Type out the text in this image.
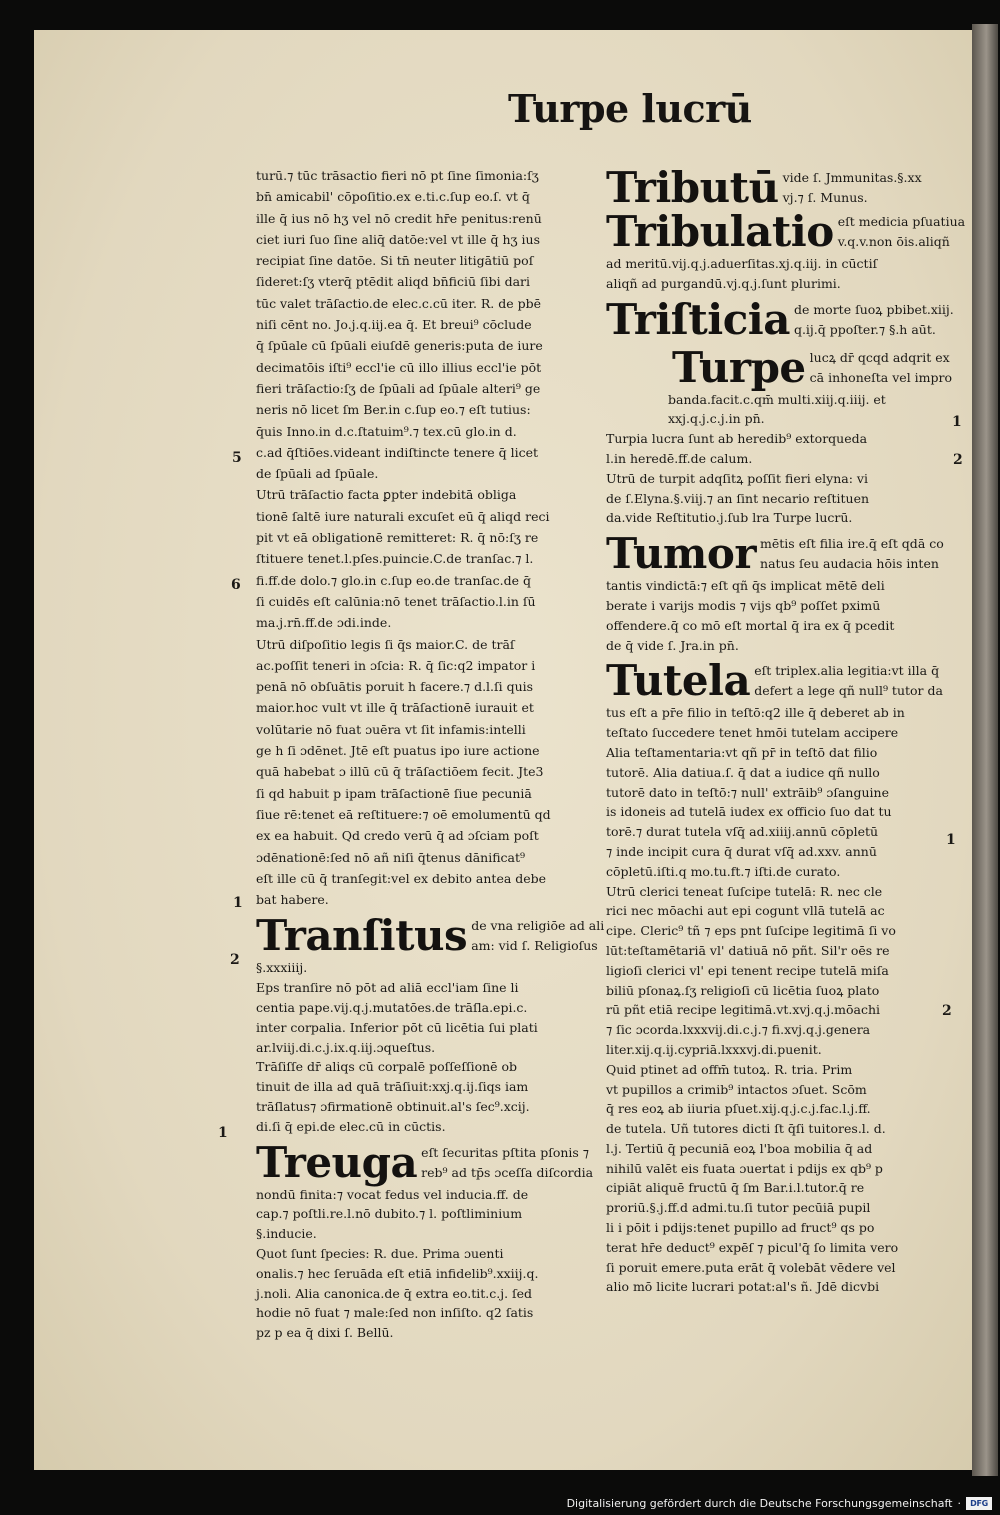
Turpe lucrū
turū.⁊ tūc trāsactio fieri nō pt ſine ſimonia:ſʒ
bn̄ amicabil' cōpoſitio.ex e.ti.c.ſup eo.ſ. vt q̄
ille q̄ ius nō hʒ vel nō credit hr̄e penitus:renū
ciet iuri ſuo ſine aliq̄ datōe:vel vt ille q̄ hʒ ius
recipiat ſine datōe. Si tn̄ neuter litigātiū poſ
ſideret:ſʒ vterq̄ ptēdit aliqd bn̄ficiū ſibi dari
tūc valet trāſactio.de elec.c.cū iter. R. de pbē
niſi cēnt no. Jo.j.q.iij.ea q̄. Et breui⁹ cōclude
q̄ ſpūale cū ſpūali eiuſdē generis:puta de iure
decimatōis iſti⁹ eccl'ie cū illo illius eccl'ie pōt
fieri trāſactio:ſʒ de ſpūali ad ſpūale alteri⁹ ge
neris nō licet ſm Ber.in c.ſup eo.⁊ eſt tutius:
q̄uis Inno.in d.c.ſtatuim⁹.⁊ tex.cū glo.in d.
c.ad q̄ſtiōes.videant indiſtincte tenere q̄ licet
de ſpūali ad ſpūale.
Utrū trāſactio facta ꝑpter indebitā obliga
tionē ſaltē iure naturali excuſet eū q̄ aliqd reci
pit vt eā obligationē remitteret: R. q̄ nō:ſʒ re
ſtituere tenet.l.pſes.puincie.C.de tranſac.⁊ l.
fi.ff.de dolo.⁊ glo.in c.ſup eo.de tranſac.de q̄
ſi cuidēs eſt calūnia:nō tenet trāſactio.l.in ſū
ma.j.rn̄.ff.de ɔdi.inde.
Utrū diſpoſitio legis ſi q̄s maior.C. de trāſ
ac.poſſit teneri in ɔſcia: R. q̄ ſic:q2 impator i
penā nō obſuātis poruit h facere.⁊ d.l.ſi quis
maior.hoc vult vt ille q̄ trāſactionē iurauit et
volūtarie nō fuat ɔuēra vt ſit infamis:intelli
ge h ſi ɔdēnet. Jtē eſt puatus ipo iure actione
quā habebat ɔ illū cū q̄ trāſactiōem fecit. Jte3
ſi qd habuit p ipam trāſactionē ſiue pecuniā
ſiue rē:tenet eā reſtituere:⁊ oē emolumentū qd
ex ea habuit. Qd credo verū q̄ ad ɔſciam poſt
ɔdēnationē:ſed nō añ niſi q̄tenus dānificat⁹
eſt ille cū q̄ tranſegit:vel ex debito antea debe
bat habere.
Tranſitus de vna religiōe ad ali
am: vid ſ. Religioſus
§.xxxiiij.
Eps tranſire nō pōt ad aliā eccl'iam ſine li
centia pape.vij.q.j.mutatōes.de trāſla.epi.c.
inter corpalia. Inferior pōt cū licētia ſui plati
ar.lviij.di.c.j.ix.q.iij.ɔqueſtus.
Trāſiſſe dr̄ aliqs cū corpalē poſſeſſionē ob
tinuit de illa ad quā trāſiuit:xxj.q.ij.ſiqs iam
trāſlatus⁊ ɔfirmationē obtinuit.al's ſec⁹.xcij.
di.ſi q̄ epi.de elec.cū in cūctis.
Treuga eſt ſecuritas pſtita pſonis ⁊
reb⁹ ad tp̄s ɔceſſa diſcordia
nondū finita:⁊ vocat fedus vel inducia.ff. de
cap.⁊ poſtli.re.l.nō dubito.⁊ l. poſtliminium
§.inducie.
Quot ſunt ſpecies: R. due. Prima ɔuenti
onalis.⁊ hec ſeruāda eſt etiā infidelib⁹.xxiij.q.
j.noli. Alia canonica.de q̄ extra eo.tit.c.j. ſed
hodie nō fuat ⁊ male:ſed non inſiſto. q2 ſatis
pz p ea q̄ dixi ſ. Bellū.
5
6
1
2
1
Tributū vide ſ. Jmmunitas.§.xx
vj.⁊ ſ. Munus.
Tribulatio eſt medicia pſuatiua
v.q.v.non ōis.aliqñ
ad meritū.vij.q.j.aduerſitas.xj.q.iij. in cūctiſ
aliqñ ad purgandū.vj.q.j.ſunt plurimi.
Triſticia de morte ſuoꝝ pbibet.xiij.
q.ij.q̄ ppoſter.⁊ §.h aūt.
Turpe lucꝝ dr̄ qcqd adqrit ex
cā inhoneſta vel impro
banda.facit.c.qm̄ multi.xiij.q.iiij. et
xxj.q.j.c.j.in pn̄.
Turpia lucra ſunt ab heredib⁹ extorqueda
l.in heredē.ff.de calum.
Utrū de turpit adqſitꝝ poſſit fieri elyna: vi
de ſ.Elyna.§.viij.⁊ an ſint necario reſtituen
da.vide Reſtitutio.j.ſub lra Turpe lucrū.
Tumor mētis eſt filia ire.q̄ eſt qdā co
natus ſeu audacia hōis inten
tantis vindictā:⁊ eſt qñ q̄s implicat mētē deli
berate i varijs modis ⁊ vijs qb⁹ poſſet pximū
offendere.q̄ co mō eſt mortal q̄ ira ex q̄ pcedit
de q̄ vide ſ. Jra.in pn̄.
Tutela eſt triplex.alia legitia:vt illa q̄
defert a lege qñ null⁹ tutor da
tus eſt a pr̄e filio in teſtō:q2 ille q̄ deberet ab in
teſtato ſuccedere tenet hmōi tutelam accipere
Alia teſtamentaria:vt qñ pr̄ in teſtō dat filio
tutorē. Alia datiua.ſ. q̄ dat a iudice qñ nullo
tutorē dato in teſtō:⁊ null' extrāib⁹ ɔſanguine
is idoneis ad tutelā iudex ex officio ſuo dat tu
torē.⁊ durat tutela vſq̄ ad.xiiij.annū cōpletū
⁊ inde incipit cura q̄ durat vſq̄ ad.xxv. annū
cōpletū.iſti.q mo.tu.ft.⁊ iſti.de curato.
Utrū clerici teneat ſuſcipe tutelā: R. nec cle
rici nec mōachi aut epi cogunt vllā tutelā ac
cipe. Cleric⁹ tñ ⁊ eps pnt ſuſcipe legitimā ſi vo
lūt:teſtamētariā vl' datiuā nō pñt. Sil'r oēs re
ligioſi clerici vl' epi tenent recipe tutelā miſa
biliū pſonaꝝ.ſʒ religioſi cū licētia ſuoꝝ plato
rū pñt etiā recipe legitimā.vt.xvj.q.j.mōachi
⁊ ſic ɔcorda.lxxxvij.di.c.j.⁊ fi.xvj.q.j.genera
liter.xij.q.ij.cypriā.lxxxvj.di.puenit.
Quid ptinet ad offm̄ tutoꝝ. R. tria. Prim
vt pupillos a crimib⁹ intactos ɔſuet. Scōm
q̄ res eoꝝ ab iiuria pſuet.xij.q.j.c.j.fac.l.j.ff.
de tutela. Uñ tutores dicti ſt q̄ſi tuitores.l. d.
l.j. Tertiū q̄ pecuniā eoꝝ l'boa mobilia q̄ ad
nihilū valēt eis fuata ɔuertat i pdijs ex qb⁹ p
cipiāt aliquē fructū q̄ ſm Bar.i.l.tutor.q̄ re
proriū.§.j.ff.d admi.tu.ſi tutor pecūiā pupil
li i pōit i pdijs:tenet pupillo ad fruct⁹ qs po
terat hr̄e deduct⁹ expēſ ⁊ picul'q̄ ſo limita vero
ſi poruit emere.puta erāt q̄ volebāt vēdere vel
alio mō licite lucrari potat:al's ñ. Jdē dicvbi
1
2
1
2
Digitalisierung gefördert durch die Deutsche Forschungsgemeinschaft ·	DFG
